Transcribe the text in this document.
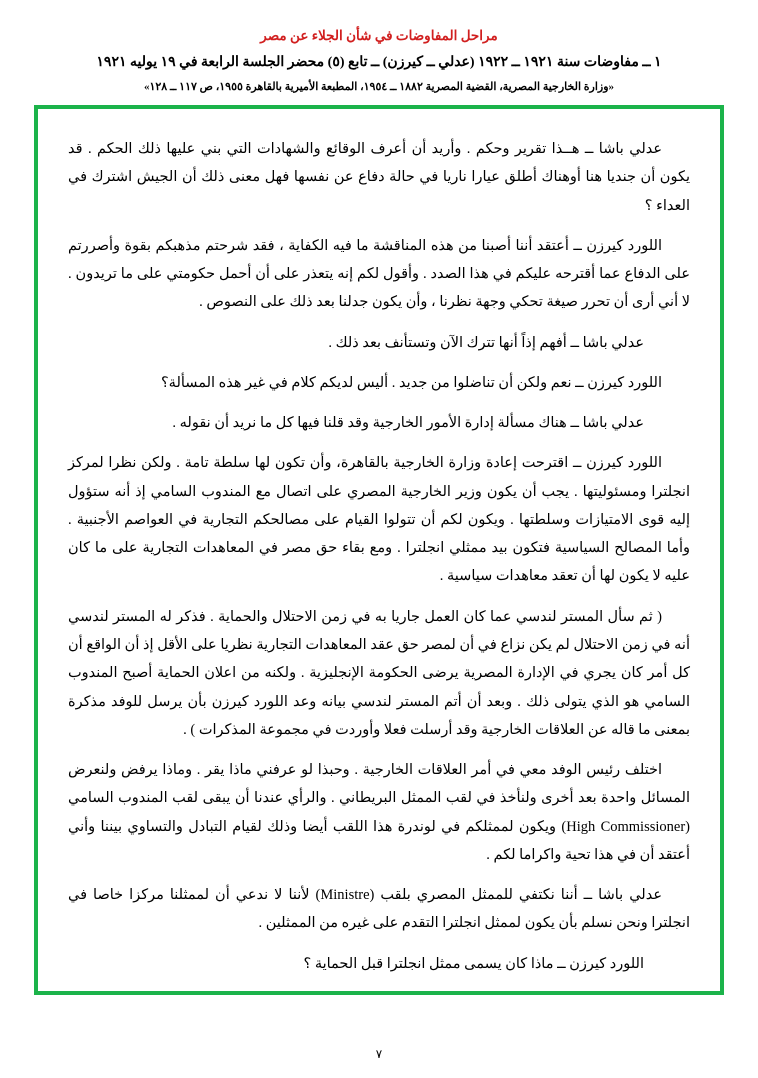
مراحل المفاوضات في شأن الجلاء عن مصر
١ ــ مفاوضات سنة ١٩٢١ ــ ١٩٢٢ (عدلي ــ كيرزن) ــ تابع (٥) محضر الجلسة الرابعة في ١٩ يوليه ١٩٢١
«وزارة الخارجية المصرية، القضية المصرية ١٨٨٢ ــ ١٩٥٤، المطبعة الأميرية بالقاهرة ١٩٥٥، ص ١١٧ ــ ١٢٨»

عدلي باشا ــ هــذا تقرير وحكم . وأريد أن أعرف الوقائع والشهادات التي بني عليها ذلك الحكم . قد يكون أن جنديا هنا أوهناك أطلق عيارا ناريا في حالة دفاع عن نفسها فهل معنى ذلك أن الجيش اشترك في العداء ؟

اللورد كيرزن ــ أعتقد أننا أصبنا من هذه المناقشة ما فيه الكفاية ، فقد شرحتم مذهبكم بقوة وأصررتم على الدفاع عما أقترحه عليكم في هذا الصدد . وأقول لكم إنه يتعذر على أن أحمل حكومتي على ما تريدون . لا أني أرى أن تحرر صيغة تحكي وجهة نظرنا ، وأن يكون جدلنا بعد ذلك على النصوص .

عدلي باشا ــ أفهم إذاً أنها تترك الآن وتستأنف بعد ذلك .

اللورد كيرزن ــ نعم ولكن أن تناضلوا من جديد . أليس لديكم كلام في غير هذه المسألة؟

عدلي باشا ــ هناك مسألة إدارة الأمور الخارجية وقد قلنا فيها كل ما نريد أن نقوله .

اللورد كيرزن ــ اقترحت إعادة وزارة الخارجية بالقاهرة، وأن تكون لها سلطة تامة . ولكن نظرا لمركز انجلترا ومسئوليتها . يجب أن يكون وزير الخارجية المصري على اتصال مع المندوب السامي إذ أنه ستؤول إليه قوى الامتيازات وسلطتها . ويكون لكم أن تتولوا القيام على مصالحكم التجارية في العواصم الأجنبية . وأما المصالح السياسية فتكون بيد ممثلي انجلترا . ومع بقاء حق مصر في المعاهدات التجارية على ما كان عليه لا يكون لها أن تعقد معاهدات سياسية .

( ثم سأل المستر لندسي عما كان العمل جاريا به في زمن الاحتلال والحماية . فذكر له المستر لندسي أنه في زمن الاحتلال لم يكن نزاع في أن لمصر حق عقد المعاهدات التجارية نظريا على الأقل إذ أن الواقع أن كل أمر كان يجري في الإدارة المصرية يرضى الحكومة الإنجليزية . ولكنه من اعلان الحماية أصبح المندوب السامي هو الذي يتولى ذلك . وبعد أن أتم المستر لندسي بيانه وعد اللورد كيرزن بأن يرسل للوفد مذكرة بمعنى ما قاله عن العلاقات الخارجية وقد أرسلت فعلا وأوردت في مجموعة المذكرات ) .

اختلف رئيس الوفد معي في أمر العلاقات الخارجية . وحبذا لو عرفني ماذا يقر . وماذا يرفض ولنعرض المسائل واحدة بعد أخرى ولنأخذ في لقب الممثل البريطاني . والرأي عندنا أن يبقى لقب المندوب السامي (High Commissioner) ويكون لممثلكم في لوندرة هذا اللقب أيضا وذلك لقيام التبادل والتساوي بيننا وأني أعتقد أن في هذا تحية واكراما لكم .

عدلي باشا ــ أننا نكتفي للممثل المصري بلقب (Ministre) لأننا لا ندعي أن لممثلنا مركزا خاصا في انجلترا ونحن نسلم بأن يكون لممثل انجلترا التقدم على غيره من الممثلين .

اللورد كيرزن ــ ماذا كان يسمى ممثل انجلترا قبل الحماية ؟

٧
